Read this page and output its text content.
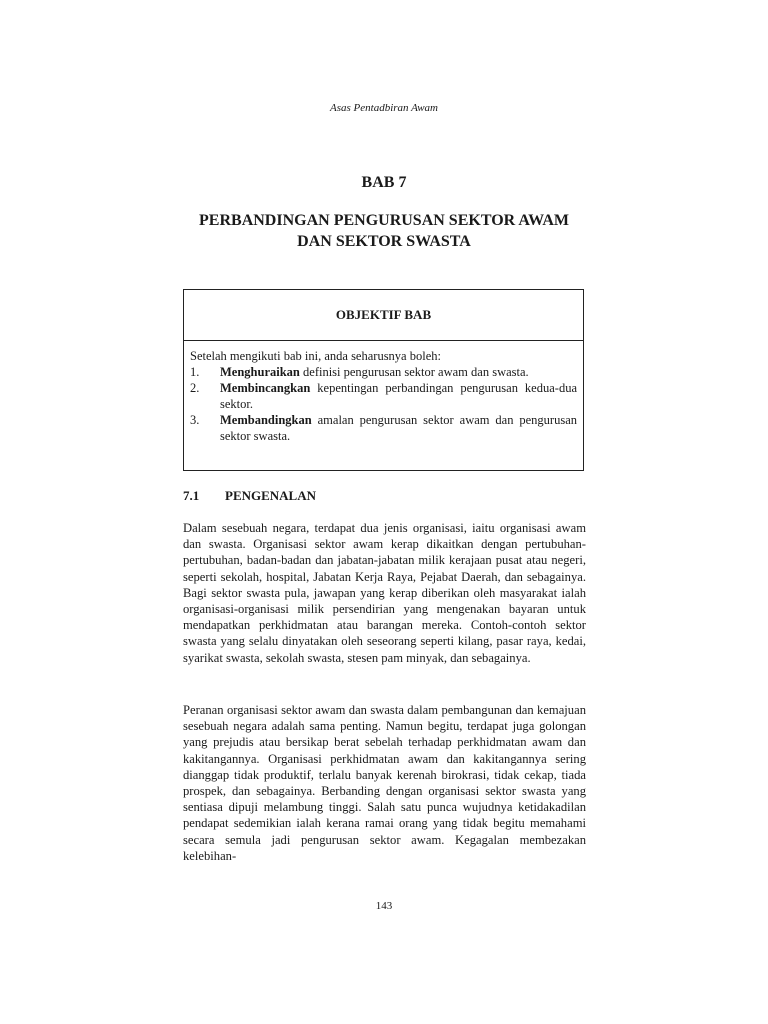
Asas Pentadbiran Awam
BAB 7
PERBANDINGAN PENGURUSAN SEKTOR AWAM
DAN SEKTOR SWASTA
OBJEKTIF BAB
Setelah mengikuti bab ini, anda seharusnya boleh:
1.	Menghuraikan definisi pengurusan sektor awam dan swasta.
2.	Membincangkan kepentingan perbandingan pengurusan kedua-dua sektor.
3.	Membandingkan amalan pengurusan sektor awam dan pengurusan sektor swasta.
7.1	PENGENALAN

Dalam sesebuah negara, terdapat dua jenis organisasi, iaitu organisasi awam dan swasta. Organisasi sektor awam kerap dikaitkan dengan pertubuhan-pertubuhan, badan-badan dan jabatan-jabatan milik kerajaan pusat atau negeri, seperti sekolah, hospital, Jabatan Kerja Raya, Pejabat Daerah, dan sebagainya. Bagi sektor swasta pula, jawapan yang kerap diberikan oleh masyarakat ialah organisasi-organisasi milik persendirian yang mengenakan bayaran untuk mendapatkan perkhidmatan atau barangan mereka. Contoh-contoh sektor swasta yang selalu dinyatakan oleh seseorang seperti kilang, pasar raya, kedai, syarikat swasta, sekolah swasta, stesen pam minyak, dan sebagainya.

Peranan organisasi sektor awam dan swasta dalam pembangunan dan kemajuan sesebuah negara adalah sama penting. Namun begitu, terdapat juga golongan yang prejudis atau bersikap berat sebelah terhadap perkhidmatan awam dan kakitangannya. Organisasi perkhidmatan awam dan kakitangannya sering dianggap tidak produktif, terlalu banyak kerenah birokrasi, tidak cekap, tiada prospek, dan sebagainya. Berbanding dengan organisasi sektor swasta yang sentiasa dipuji melambung tinggi. Salah satu punca wujudnya ketidakadilan pendapat sedemikian ialah kerana ramai orang yang tidak begitu memahami secara semula jadi pengurusan sektor awam. Kegagalan membezakan kelebihan-

143
